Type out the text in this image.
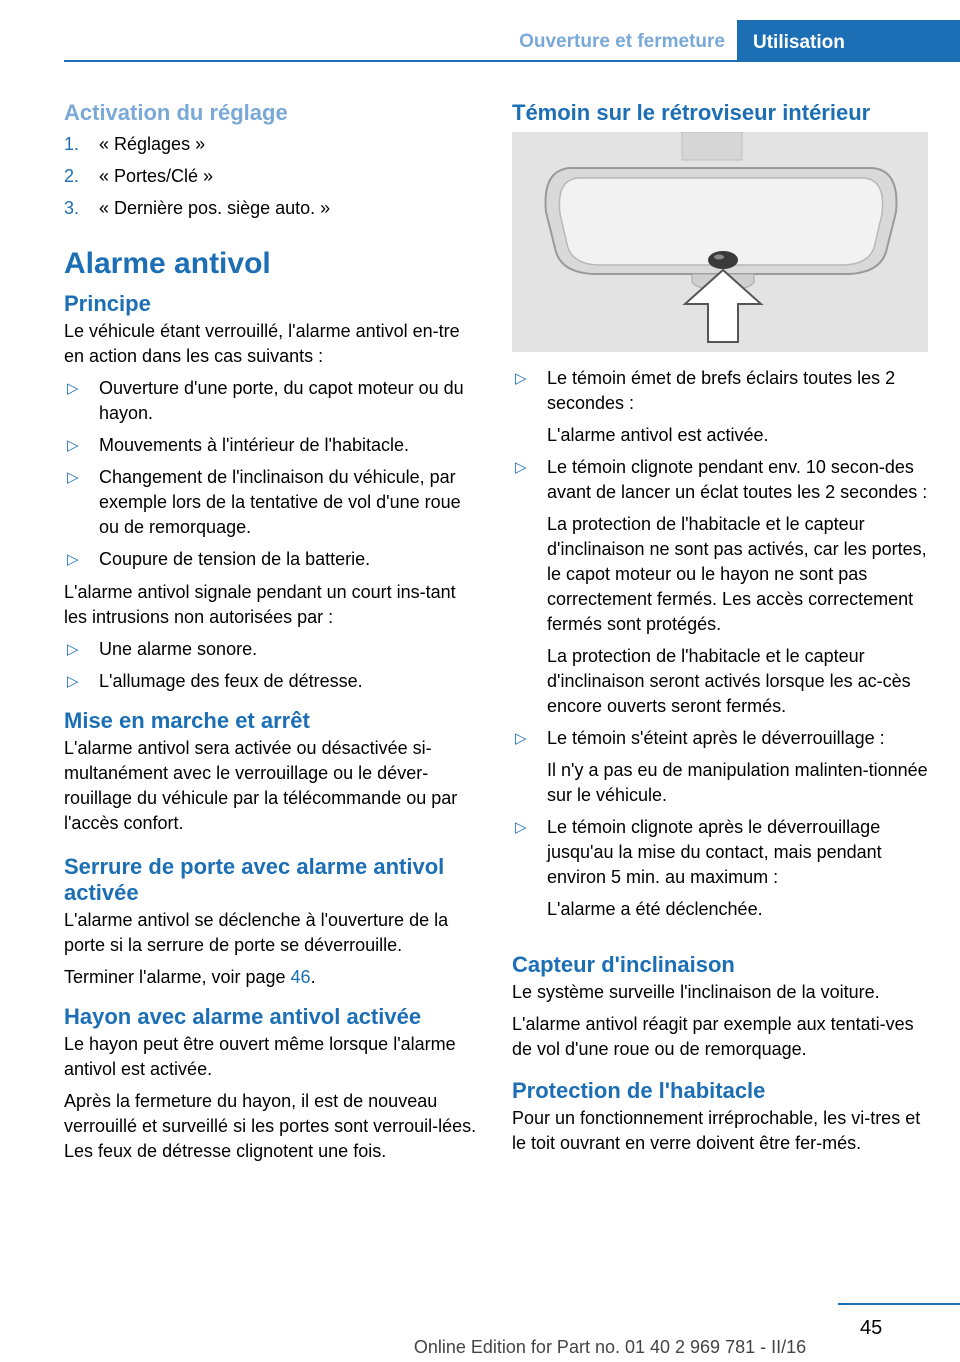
Ouverture et fermeture	Utilisation
Activation du réglage
1. « Réglages »
2. « Portes/Clé »
3. « Dernière pos. siège auto. »
Alarme antivol
Principe

Le véhicule étant verrouillé, l'alarme antivol en-tre en action dans les cas suivants :

▷ Ouverture d'une porte, du capot moteur ou du hayon.
▷ Mouvements à l'intérieur de l'habitacle.
▷ Changement de l'inclinaison du véhicule, par exemple lors de la tentative de vol d'une roue ou de remorquage.
▷ Coupure de tension de la batterie.

L'alarme antivol signale pendant un court ins-tant les intrusions non autorisées par :

▷ Une alarme sonore.
▷ L'allumage des feux de détresse.
Mise en marche et arrêt

L'alarme antivol sera activée ou désactivée si-multanément avec le verrouillage ou le déver-rouillage du véhicule par la télécommande ou par l'accès confort.

Serrure de porte avec alarme antivol activée

L'alarme antivol se déclenche à l'ouverture de la porte si la serrure de porte se déverrouille.

Terminer l'alarme, voir page 46.

Hayon avec alarme antivol activée

Le hayon peut être ouvert même lorsque l'alarme antivol est activée.

Après la fermeture du hayon, il est de nouveau verrouillé et surveillé si les portes sont verrouil-lées. Les feux de détresse clignotent une fois.

Témoin sur le rétroviseur intérieur
▷ Le témoin émet de brefs éclairs toutes les 2 secondes :
L'alarme antivol est activée.
▷ Le témoin clignote pendant env. 10 secon-des avant de lancer un éclat toutes les 2 secondes :
La protection de l'habitacle et le capteur d'inclinaison ne sont pas activés, car les portes, le capot moteur ou le hayon ne sont pas correctement fermés. Les accès correctement fermés sont protégés.
La protection de l'habitacle et le capteur d'inclinaison seront activés lorsque les ac-cès encore ouverts seront fermés.
▷ Le témoin s'éteint après le déverrouillage :
Il n'y a pas eu de manipulation malinten-tionnée sur le véhicule.
▷ Le témoin clignote après le déverrouillage jusqu'au la mise du contact, mais pendant environ 5 min. au maximum :
L'alarme a été déclenchée.
Capteur d'inclinaison

Le système surveille l'inclinaison de la voiture.

L'alarme antivol réagit par exemple aux tentati-ves de vol d'une roue ou de remorquage.

Protection de l'habitacle

Pour un fonctionnement irréprochable, les vi-tres et le toit ouvrant en verre doivent être fer-més.

45
Online Edition for Part no. 01 40 2 969 781 - II/16
